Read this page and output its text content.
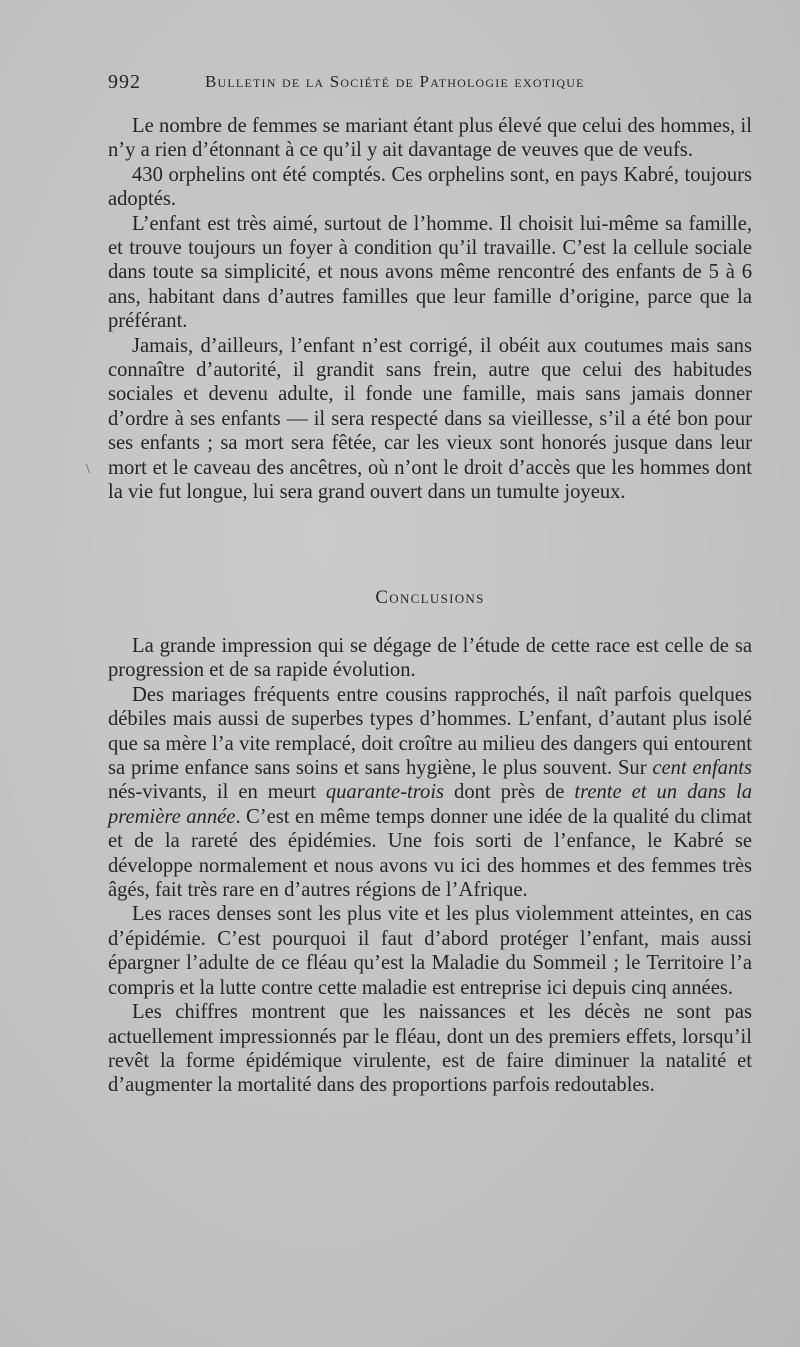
992	Bulletin de la Société de Pathologie exotique
\

Le nombre de femmes se mariant étant plus élevé que celui des hommes, il n’y a rien d’étonnant à ce qu’il y ait davantage de veuves que de veufs.

430 orphelins ont été comptés. Ces orphelins sont, en pays Kabré, toujours adoptés.

L’enfant est très aimé, surtout de l’homme. Il choisit lui-même sa famille, et trouve toujours un foyer à condition qu’il travaille. C’est la cellule sociale dans toute sa simplicité, et nous avons même rencontré des enfants de 5 à 6 ans, habitant dans d’autres familles que leur famille d’origine, parce que la préférant.

Jamais, d’ailleurs, l’enfant n’est corrigé, il obéit aux coutumes mais sans connaître d’autorité, il grandit sans frein, autre que celui des habitudes sociales et devenu adulte, il fonde une famille, mais sans jamais donner d’ordre à ses enfants — il sera respecté dans sa vieillesse, s’il a été bon pour ses enfants ; sa mort sera fêtée, car les vieux sont honorés jusque dans leur mort et le caveau des ancêtres, où n’ont le droit d’accès que les hommes dont la vie fut longue, lui sera grand ouvert dans un tumulte joyeux.

Conclusions

La grande impression qui se dégage de l’étude de cette race est celle de sa progression et de sa rapide évolution.

Des mariages fréquents entre cousins rapprochés, il naît parfois quelques débiles mais aussi de superbes types d’hommes. L’enfant, d’autant plus isolé que sa mère l’a vite remplacé, doit croître au milieu des dangers qui entourent sa prime enfance sans soins et sans hygiène, le plus souvent. Sur cent enfants nés-vivants, il en meurt quarante-trois dont près de trente et un dans la première année. C’est en même temps donner une idée de la qualité du climat et de la rareté des épidémies. Une fois sorti de l’enfance, le Kabré se développe normalement et nous avons vu ici des hommes et des femmes très âgés, fait très rare en d’autres régions de l’Afrique.

Les races denses sont les plus vite et les plus violemment atteintes, en cas d’épidémie. C’est pourquoi il faut d’abord protéger l’enfant, mais aussi épargner l’adulte de ce fléau qu’est la Maladie du Sommeil ; le Territoire l’a compris et la lutte contre cette maladie est entreprise ici depuis cinq années.

Les chiffres montrent que les naissances et les décès ne sont pas actuellement impressionnés par le fléau, dont un des premiers effets, lorsqu’il revêt la forme épidémique virulente, est de faire diminuer la natalité et d’augmenter la mortalité dans des proportions parfois redoutables.
